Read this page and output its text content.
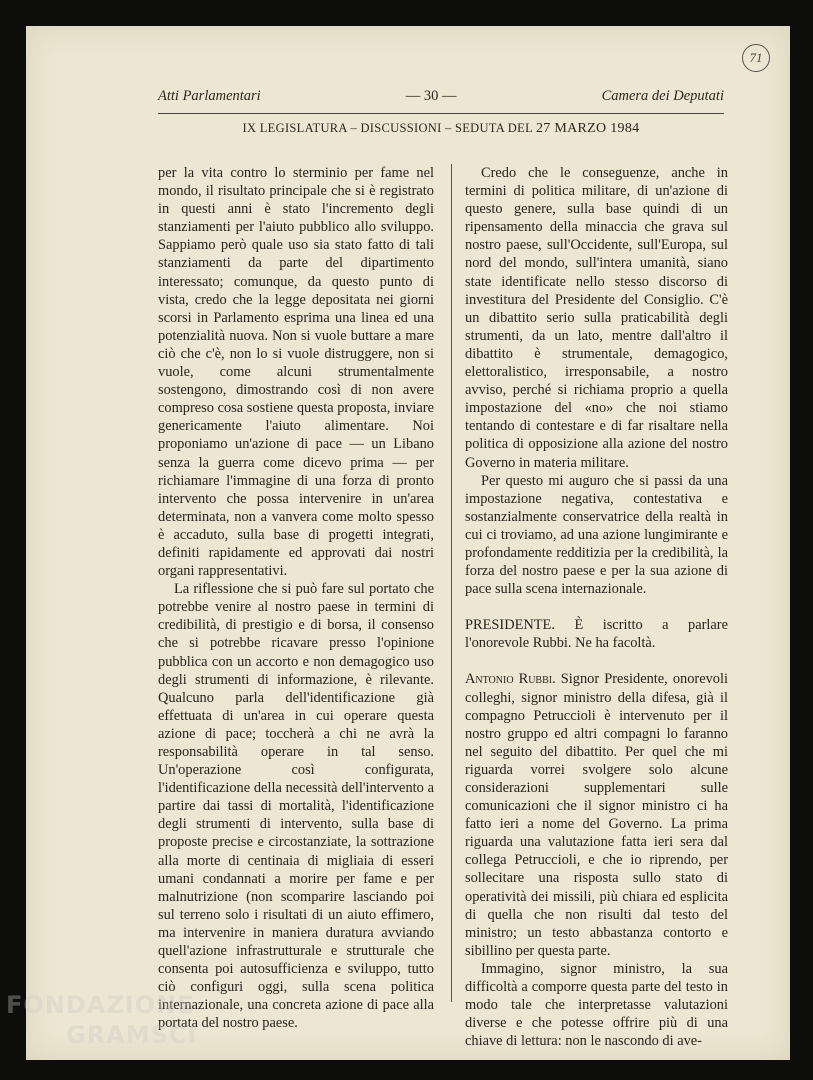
71
Atti Parlamentari	— 30 —	Camera dei Deputati
IX LEGISLATURA – DISCUSSIONI – SEDUTA DEL 27 MARZO 1984

per la vita contro lo sterminio per fame nel mondo, il risultato principale che si è registrato in questi anni è stato l'incremento degli stanziamenti per l'aiuto pubblico allo sviluppo. Sappiamo però quale uso sia stato fatto di tali stanziamenti da parte del dipartimento interessato; comunque, da questo punto di vista, credo che la legge depositata nei giorni scorsi in Parlamento esprima una linea ed una potenzialità nuova. Non si vuole buttare a mare ciò che c'è, non lo si vuole distruggere, non si vuole, come alcuni strumentalmente sostengono, dimostrando così di non avere compreso cosa sostiene questa proposta, inviare genericamente l'aiuto alimentare. Noi proponiamo un'azione di pace — un Libano senza la guerra come dicevo prima — per richiamare l'immagine di una forza di pronto intervento che possa intervenire in un'area determinata, non a vanvera come molto spesso è accaduto, sulla base di progetti integrati, definiti rapidamente ed approvati dai nostri organi rappresentativi.

La riflessione che si può fare sul portato che potrebbe venire al nostro paese in termini di credibilità, di prestigio e di borsa, il consenso che si potrebbe ricavare presso l'opinione pubblica con un accorto e non demagogico uso degli strumenti di informazione, è rilevante. Qualcuno parla dell'identificazione già effettuata di un'area in cui operare questa azione di pace; toccherà a chi ne avrà la responsabilità operare in tal senso. Un'operazione così configurata, l'identificazione della necessità dell'intervento a partire dai tassi di mortalità, l'identificazione degli strumenti di intervento, sulla base di proposte precise e circostanziate, la sottrazione alla morte di centinaia di migliaia di esseri umani condannati a morire per fame e per malnutrizione (non scomparire lasciando poi sul terreno solo i risultati di un aiuto effimero, ma intervenire in maniera duratura avviando quell'azione infrastrutturale e strutturale che consenta poi autosufficienza e sviluppo, tutto ciò configuri oggi, sulla scena politica internazionale, una concreta azione di pace alla portata del nostro paese.

Credo che le conseguenze, anche in termini di politica militare, di un'azione di questo genere, sulla base quindi di un ripensamento della minaccia che grava sul nostro paese, sull'Occidente, sull'Europa, sul nord del mondo, sull'intera umanità, siano state identificate nello stesso discorso di investitura del Presidente del Consiglio. C'è un dibattito serio sulla praticabilità degli strumenti, da un lato, mentre dall'altro il dibattito è strumentale, demagogico, elettoralistico, irresponsabile, a nostro avviso, perché si richiama proprio a quella impostazione del «no» che noi stiamo tentando di contestare e di far risaltare nella politica di opposizione alla azione del nostro Governo in materia militare.

Per questo mi auguro che si passi da una impostazione negativa, contestativa e sostanzialmente conservatrice della realtà in cui ci troviamo, ad una azione lungimirante e profondamente redditizia per la credibilità, la forza del nostro paese e per la sua azione di pace sulla scena internazionale.

PRESIDENTE. È iscritto a parlare l'onorevole Rubbi. Ne ha facoltà.

Antonio Rubbi. Signor Presidente, onorevoli colleghi, signor ministro della difesa, già il compagno Petruccioli è intervenuto per il nostro gruppo ed altri compagni lo faranno nel seguito del dibattito. Per quel che mi riguarda vorrei svolgere solo alcune considerazioni supplementari sulle comunicazioni che il signor ministro ci ha fatto ieri a nome del Governo. La prima riguarda una valutazione fatta ieri sera dal collega Petruccioli, e che io riprendo, per sollecitare una risposta sullo stato di operatività dei missili, più chiara ed esplicita di quella che non risulti dal testo del ministro; un testo abbastanza contorto e sibillino per questa parte.

Immagino, signor ministro, la sua difficoltà a comporre questa parte del testo in modo tale che interpretasse valutazioni diverse e che potesse offrire più di una chiave di lettura: non le nascondo di ave-

FONDAZIONE
GRAMSCI
